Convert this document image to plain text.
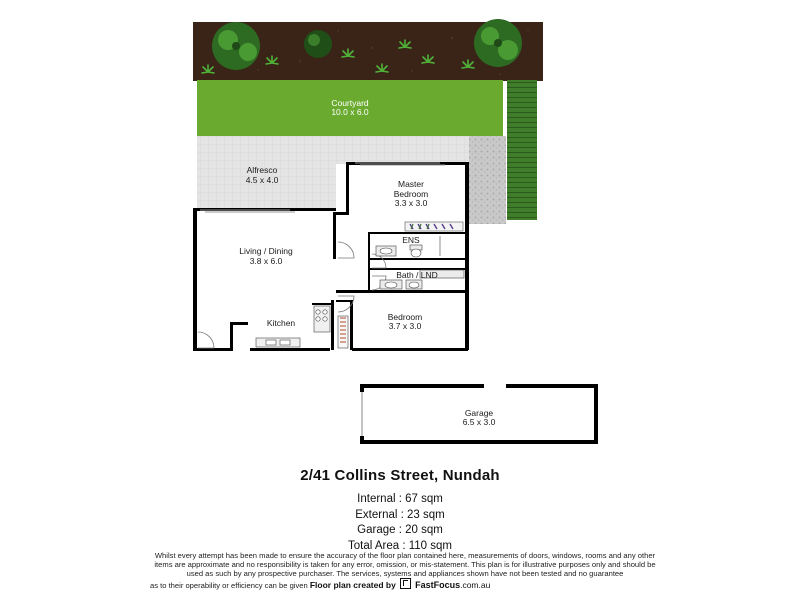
Courtyard
10.0 x 6.0
Alfresco
4.5 x 4.0	Master
Bedroom
3.3 x 3.0
ENS
Living / Dining
3.8 x 6.0
Bath / LND
Kitchen
Bedroom
3.7 x 3.0
Garage
6.5 x 3.0
2/41 Collins Street, Nundah
Internal : 67 sqm
External : 23 sqm
Garage : 20 sqm
Total Area : 110 sqm
Whilst every attempt has been made to ensure the accuracy of the floor plan contained here, measurements of doors, windows, rooms and any other items are approximate and no responsibility is taken for any error, omission, or mis-statement. This plan is for illustrative purposes only and should be used as such by any prospective purchaser. The services, systems and appliances shown have not been tested and no guarantee
as to their operability or efficiency can be given Floor plan created by FastFocus.com.au
